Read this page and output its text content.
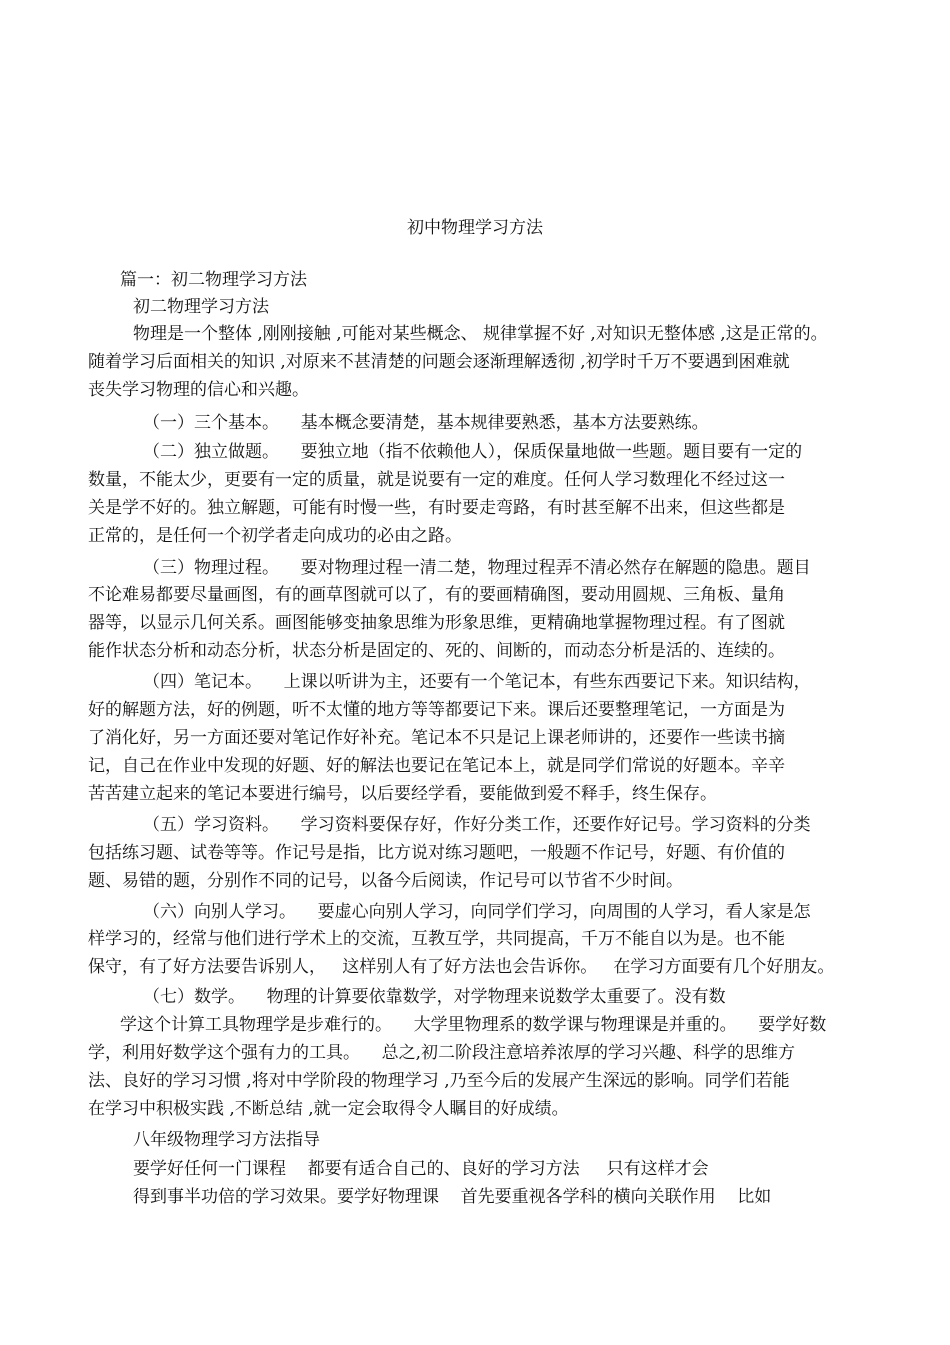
初中物理学习方法
篇一：初二物理学习方法
初二物理学习方法
物理是一个整体 ,刚刚接触 ,可能对某些概念、 规律掌握不好 ,对知识无整体感 ,这是正常的。
随着学习后面相关的知识 ,对原来不甚清楚的问题会逐渐理解透彻 ,初学时千万不要遇到困难就
丧失学习物理的信心和兴趣。
（一）三个基本。    基本概念要清楚，基本规律要熟悉，基本方法要熟练。
（二）独立做题。    要独立地（指不依赖他人），保质保量地做一些题。题目要有一定的
数量，不能太少，更要有一定的质量，就是说要有一定的难度。任何人学习数理化不经过这一
关是学不好的。独立解题，可能有时慢一些，有时要走弯路，有时甚至解不出来，但这些都是
正常的，是任何一个初学者走向成功的必由之路。
（三）物理过程。    要对物理过程一清二楚，物理过程弄不清必然存在解题的隐患。题目
不论难易都要尽量画图，有的画草图就可以了，有的要画精确图，要动用圆规、三角板、量角
器等，以显示几何关系。画图能够变抽象思维为形象思维，更精确地掌握物理过程。有了图就
能作状态分析和动态分析，状态分析是固定的、死的、间断的，而动态分析是活的、连续的。
（四）笔记本。    上课以听讲为主，还要有一个笔记本，有些东西要记下来。知识结构，
好的解题方法，好的例题，听不太懂的地方等等都要记下来。课后还要整理笔记，一方面是为
了消化好，另一方面还要对笔记作好补充。笔记本不只是记上课老师讲的，还要作一些读书摘
记，自己在作业中发现的好题、好的解法也要记在笔记本上，就是同学们常说的好题本。辛辛
苦苦建立起来的笔记本要进行编号，以后要经学看，要能做到爱不释手，终生保存。
（五）学习资料。    学习资料要保存好，作好分类工作，还要作好记号。学习资料的分类
包括练习题、试卷等等。作记号是指，比方说对练习题吧，一般题不作记号，好题、有价值的
题、易错的题，分别作不同的记号，以备今后阅读，作记号可以节省不少时间。
（六）向别人学习。    要虚心向别人学习，向同学们学习，向周围的人学习，看人家是怎
样学习的，经常与他们进行学术上的交流，互教互学，共同提高，千万不能自以为是。也不能
保守，有了好方法要告诉别人，   这样别人有了好方法也会告诉你。   在学习方面要有几个好朋友。
（七）数学。    物理的计算要依靠数学，对学物理来说数学太重要了。没有数
学这个计算工具物理学是步难行的。    大学里物理系的数学课与物理课是并重的。    要学好数
学，利用好数学这个强有力的工具。    总之,初二阶段注意培养浓厚的学习兴趣、科学的思维方
法、良好的学习习惯 ,将对中学阶段的物理学习 ,乃至今后的发展产生深远的影响。同学们若能
在学习中积极实践 ,不断总结 ,就一定会取得令人瞩目的好成绩。
八年级物理学习方法指导
要学好任何一门课程    都要有适合自己的、良好的学习方法     只有这样才会
得到事半功倍的学习效果。要学好物理课    首先要重视各学科的横向关联作用    比如
